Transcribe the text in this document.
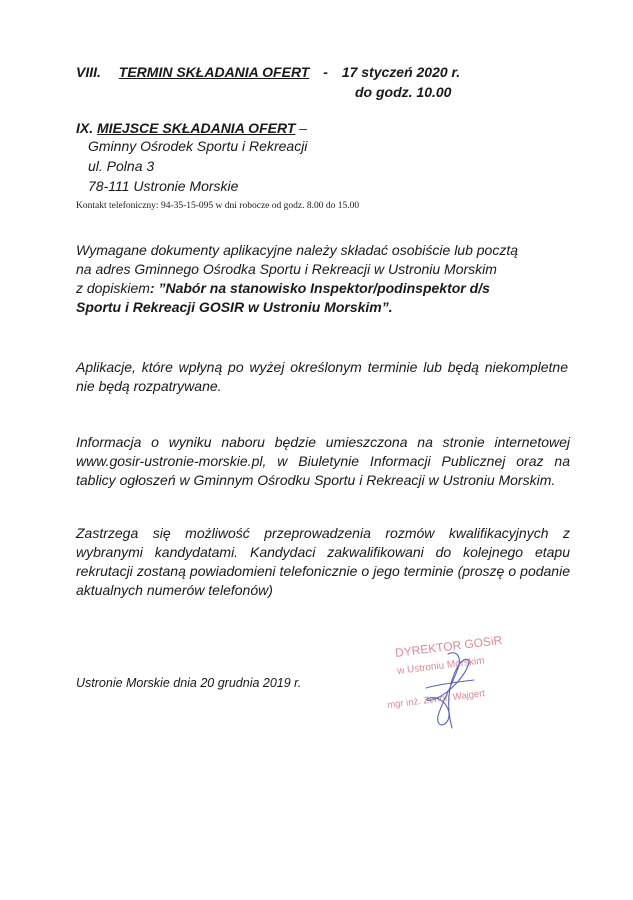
VIII. TERMIN SKŁADANIA OFERT - 17 styczeń 2020 r.
do godz. 10.00
IX. MIEJSCE SKŁADANIA OFERT –
Gminny Ośrodek Sportu i Rekreacji
ul. Polna 3
78-111 Ustronie Morskie
Kontakt telefoniczny: 94-35-15-095 w dni robocze od godz. 8.00 do 15.00
Wymagane dokumenty aplikacyjne należy składać osobiście lub pocztą
na adres Gminnego Ośrodka Sportu i Rekreacji w Ustroniu Morskim
z dopiskiem: ”Nabór na stanowisko Inspektor/podinspektor d/s
Sportu i Rekreacji GOSIR w Ustroniu Morskim”.
Aplikacje, które wpłyną po wyżej określonym terminie lub będą niekompletne nie będą rozpatrywane.
Informacja o wyniku naboru będzie umieszczona na stronie internetowej www.gosir-ustronie-morskie.pl, w Biuletynie Informacji Publicznej oraz na tablicy ogłoszeń w Gminnym Ośrodku Sportu i Rekreacji w Ustroniu Morskim.
Zastrzega się możliwość przeprowadzenia rozmów kwalifikacyjnych z wybranymi kandydatami. Kandydaci zakwalifikowani do kolejnego etapu rekrutacji zostaną powiadomieni telefonicznie o jego terminie (proszę o podanie aktualnych numerów telefonów)
Ustronie Morskie dnia 20 grudnia 2019 r.
DYREKTOR GOSiR
w Ustroniu Morskim
mgr inż. Zenon Wajgert
